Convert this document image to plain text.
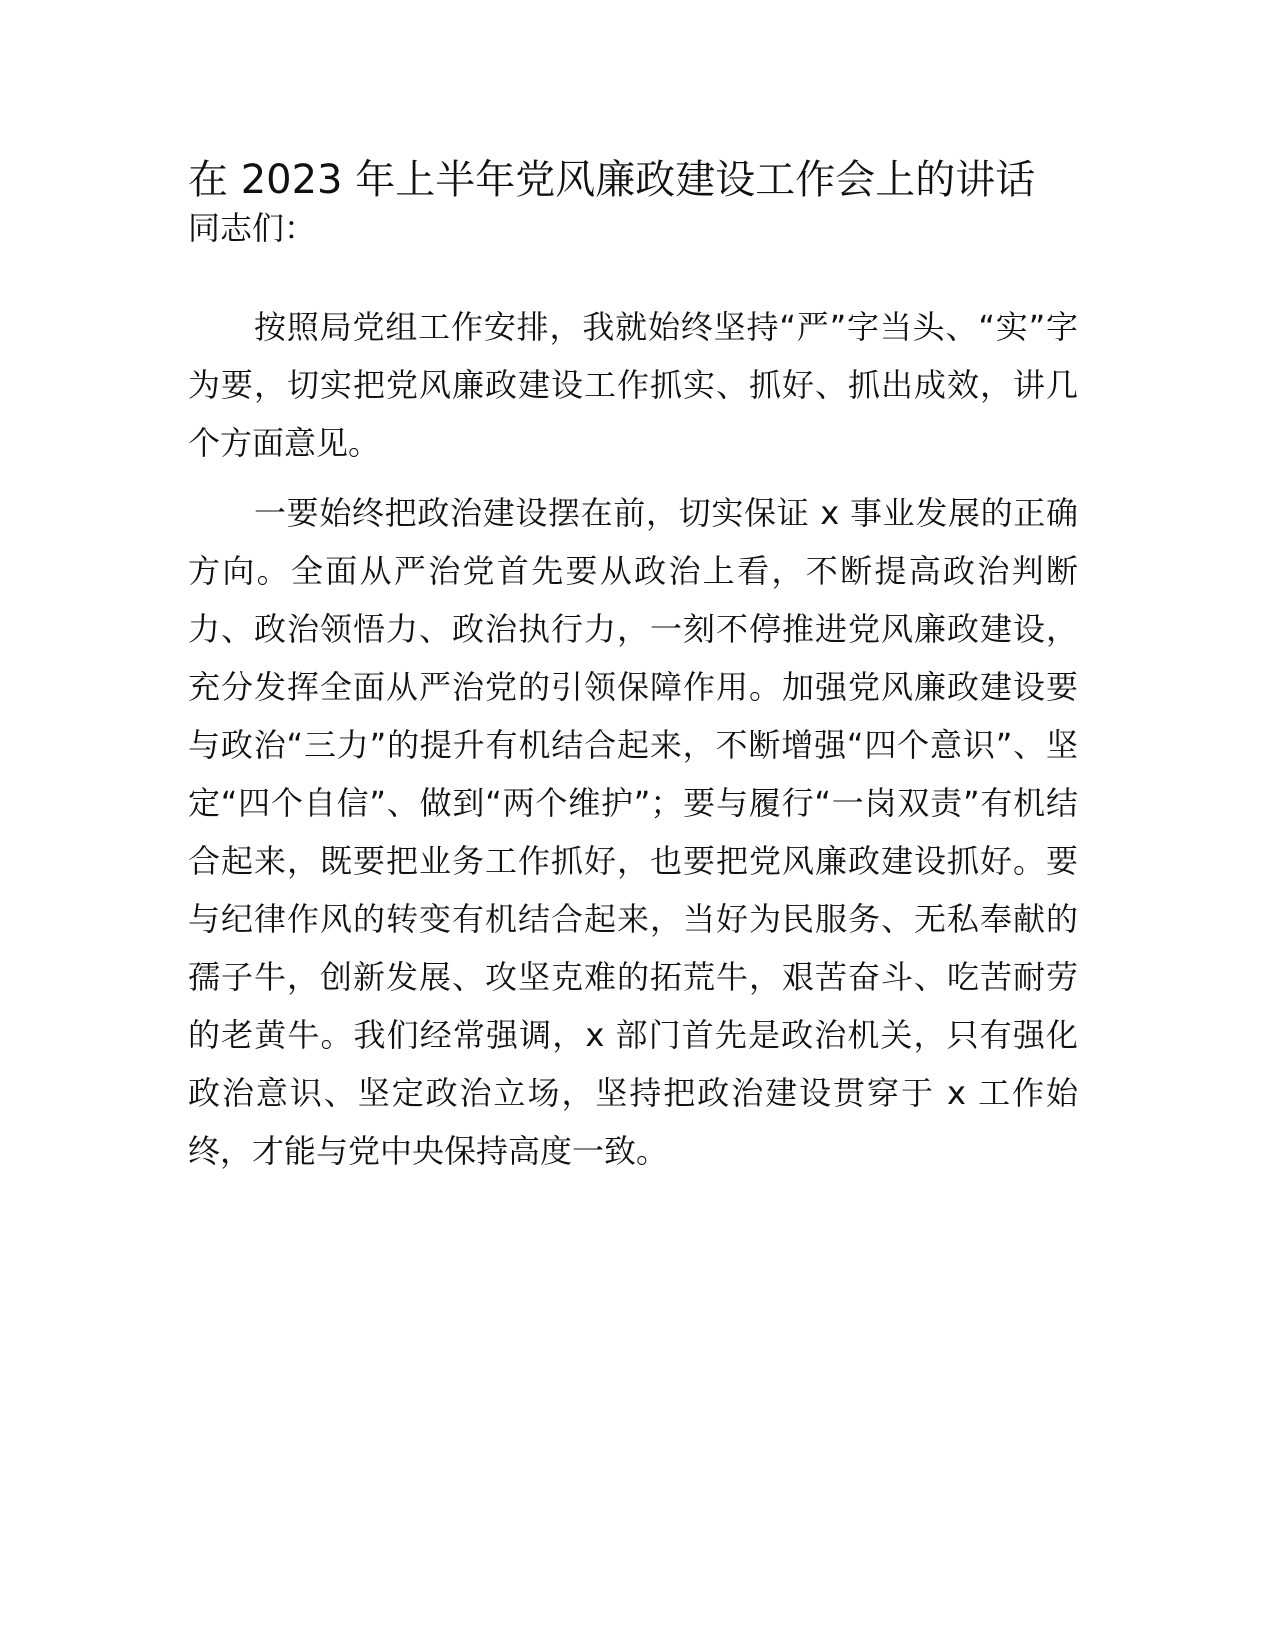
在 2023 年上半年党风廉政建设工作会上的讲话
同志们：

按照局党组工作安排，我就始终坚持“严”字当头、“实”字为要，切实把党风廉政建设工作抓实、抓好、抓出成效，讲几个方面意见。

一要始终把政治建设摆在前，切实保证 x 事业发展的正确方向。全面从严治党首先要从政治上看，不断提高政治判断力、政治领悟力、政治执行力，一刻不停推进党风廉政建设，充分发挥全面从严治党的引领保障作用。加强党风廉政建设要与政治“三力”的提升有机结合起来，不断增强“四个意识”、坚定“四个自信”、做到“两个维护”；要与履行“一岗双责”有机结合起来，既要把业务工作抓好，也要把党风廉政建设抓好。要与纪律作风的转变有机结合起来，当好为民服务、无私奉献的孺子牛，创新发展、攻坚克难的拓荒牛，艰苦奋斗、吃苦耐劳的老黄牛。我们经常强调，x 部门首先是政治机关，只有强化政治意识、坚定政治立场，坚持把政治建设贯穿于 x 工作始终，才能与党中央保持高度一致。
